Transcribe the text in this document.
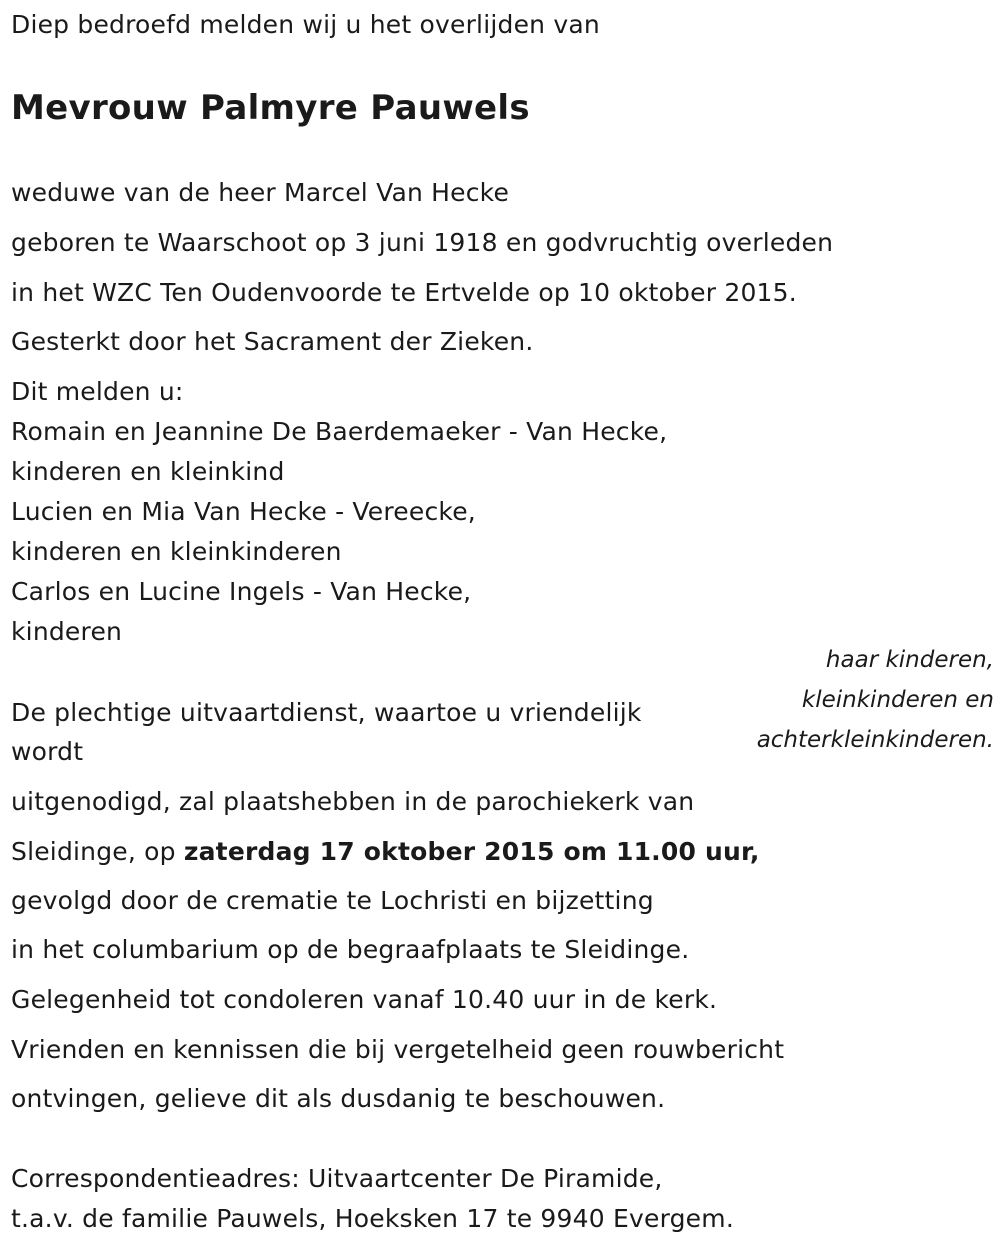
Diep bedroefd melden wij u het overlijden van
Mevrouw Palmyre Pauwels
weduwe van de heer Marcel Van Hecke
geboren te Waarschoot op 3 juni 1918 en godvruchtig overleden
in het WZC Ten Oudenvoorde te Ertvelde op 10 oktober 2015.
Gesterkt door het Sacrament der Zieken.
Dit melden u:
Romain en Jeannine De Baerdemaeker - Van Hecke,
kinderen en kleinkind
Lucien en Mia Van Hecke - Vereecke,
kinderen en kleinkinderen
Carlos en Lucine Ingels - Van Hecke,
kinderen
haar kinderen,
kleinkinderen en
achterkleinkinderen.
De plechtige uitvaartdienst, waartoe u vriendelijk
wordt
uitgenodigd, zal plaatshebben in de parochiekerk van
Sleidinge, op zaterdag 17 oktober 2015 om 11.00 uur,
gevolgd door de crematie te Lochristi en bijzetting
in het columbarium op de begraafplaats te Sleidinge.
Gelegenheid tot condoleren vanaf 10.40 uur in de kerk.
Vrienden en kennissen die bij vergetelheid geen rouwbericht
ontvingen, gelieve dit als dusdanig te beschouwen.
Correspondentieadres: Uitvaartcenter De Piramide,
t.a.v. de familie Pauwels, Hoeksken 17 te 9940 Evergem.
